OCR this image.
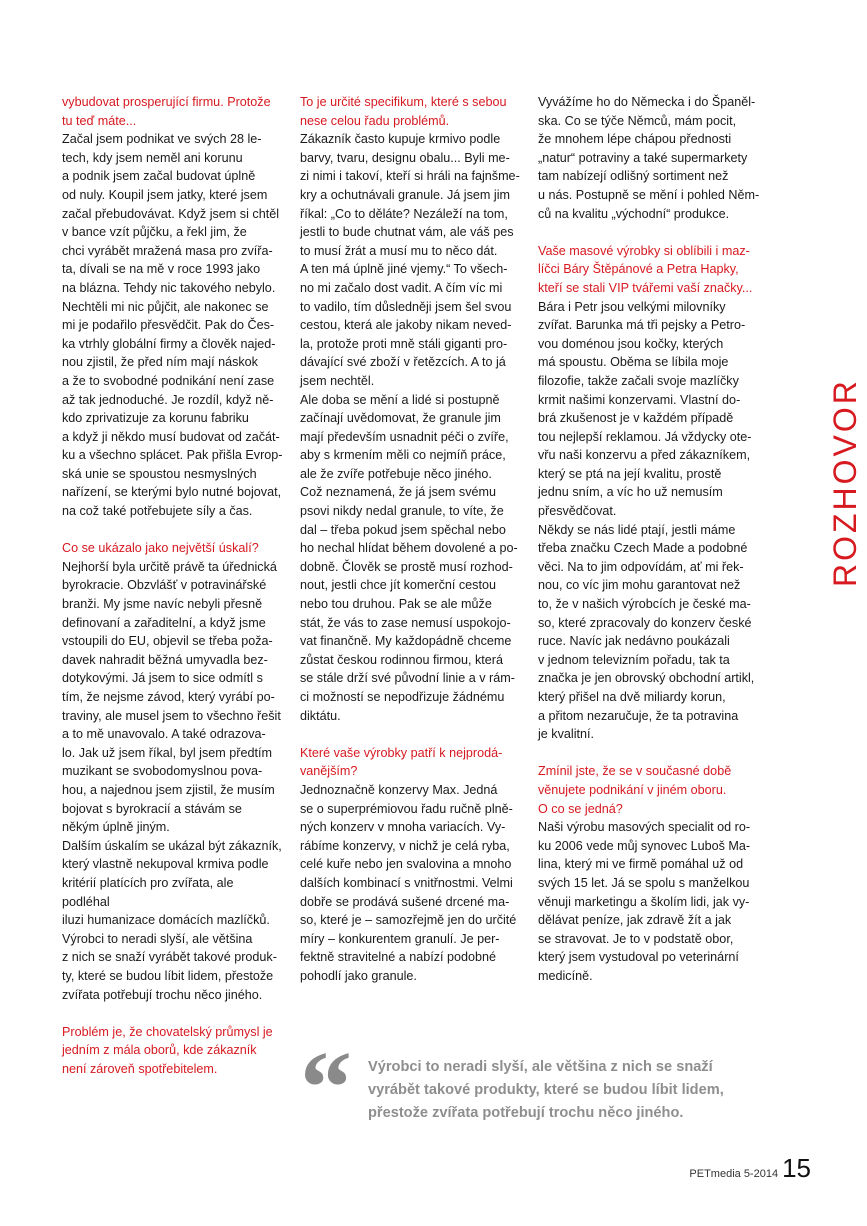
vybudovat prosperující firmu. Protože
tu teď máte...

Začal jsem podnikat ve svých 28 le-
tech, kdy jsem neměl ani korunu
a podnik jsem začal budovat úplně
od nuly. Koupil jsem jatky, které jsem
začal přebudovávat. Když jsem si chtěl
v bance vzít půjčku, a řekl jim, že
chci vyrábět mražená masa pro zvířa-
ta, dívali se na mě v roce 1993 jako
na blázna. Tehdy nic takového nebylo.
Nechtěli mi nic půjčit, ale nakonec se
mi je podařilo přesvědčit. Pak do Čes-
ka vtrhly globální firmy a člověk najed-
nou zjistil, že před ním mají náskok
a že to svobodné podnikání není zase
až tak jednoduché. Je rozdíl, když ně-
kdo zprivatizuje za korunu fabriku
a když ji někdo musí budovat od začát-
ku a všechno splácet. Pak přišla Evrop-
ská unie se spoustou nesmyslných
nařízení, se kterými bylo nutné bojovat,
na což také potřebujete síly a čas.

Co se ukázalo jako největší úskalí?

Nejhorší byla určitě právě ta úřednická
byrokracie. Obzvlášť v potravinářské
branži. My jsme navíc nebyli přesně
definovaní a zařaditelní, a když jsme
vstoupili do EU, objevil se třeba poža-
davek nahradit běžná umyvadla bez-
dotykovými. Já jsem to sice odmítl s
tím, že nejsme závod, který vyrábí po-
traviny, ale musel jsem to všechno řešit
a to mě unavovalo. A také odrazova-
lo. Jak už jsem říkal, byl jsem předtím
muzikant se svobodomyslnou pova-
hou, a najednou jsem zjistil, že musím
bojovat s byrokracií a stávám se
někým úplně jiným.
Dalším úskalím se ukázal být zákazník,
který vlastně nekupoval krmiva podle
kritérií platících pro zvířata, ale podléhal
iluzi humanizace domácích mazlíčků.
Výrobci to neradi slyší, ale většina
z nich se snaží vyrábět takové produk-
ty, které se budou líbit lidem, přestože
zvířata potřebují trochu něco jiného.

Problém je, že chovatelský průmysl je
jedním z mála oborů, kde zákazník
není zároveň spotřebitelem.

To je určité specifikum, které s sebou
nese celou řadu problémů.

Zákazník často kupuje krmivo podle
barvy, tvaru, designu obalu... Byli me-
zi nimi i takoví, kteří si hráli na fajnšme-
kry a ochutnávali granule. Já jsem jim
říkal: „Co to děláte? Nezáleží na tom,
jestli to bude chutnat vám, ale váš pes
to musí žrát a musí mu to něco dát.
A ten má úplně jiné vjemy.“ To všech-
no mi začalo dost vadit. A čím víc mi
to vadilo, tím důsledněji jsem šel svou
cestou, která ale jakoby nikam neved-
la, protože proti mně stáli giganti pro-
dávající své zboží v řetězcích. A to já
jsem nechtěl.
Ale doba se mění a lidé si postupně
začínají uvědomovat, že granule jim
mají především usnadnit péči o zvíře,
aby s krmením měli co nejmíň práce,
ale že zvíře potřebuje něco jiného.
Což neznamená, že já jsem svému
psovi nikdy nedal granule, to víte, že
dal – třeba pokud jsem spěchal nebo
ho nechal hlídat během dovolené a po-
dobně. Člověk se prostě musí rozhod-
nout, jestli chce jít komerční cestou
nebo tou druhou. Pak se ale může
stát, že vás to zase nemusí uspokojo-
vat finančně. My každopádně chceme
zůstat českou rodinnou firmou, která
se stále drží své původní linie a v rám-
ci možností se nepodřizuje žádnému
diktátu.

Které vaše výrobky patří k nejprodá-
vanějším?

Jednoznačně konzervy Max. Jedná
se o superprémiovou řadu ručně plně-
ných konzerv v mnoha variacích. Vy-
rábíme konzervy, v nichž je celá ryba,
celé kuře nebo jen svalovina a mnoho
dalších kombinací s vnitřnostmi. Velmi
dobře se prodává sušené drcené ma-
so, které je – samozřejmě jen do určité
míry – konkurentem granulí. Je per-
fektně stravitelné a nabízí podobné
pohodlí jako granule.

Vyvážíme ho do Německa i do Španěl-
ska. Co se týče Němců, mám pocit,
že mnohem lépe chápou přednosti
„natur“ potraviny a také supermarkety
tam nabízejí odlišný sortiment než
u nás. Postupně se mění i pohled Něm-
ců na kvalitu „východní“ produkce.

Vaše masové výrobky si oblíbili i maz-
líčci Báry Štěpánové a Petra Hapky,
kteří se stali VIP tvářemi vaší značky...

Bára i Petr jsou velkými milovníky
zvířat. Barunka má tři pejsky a Petro-
vou doménou jsou kočky, kterých
má spoustu. Oběma se líbila moje
filozofie, takže začali svoje mazlíčky
krmit našimi konzervami. Vlastní do-
brá zkušenost je v každém případě
tou nejlepší reklamou. Já vždycky ote-
vřu naši konzervu a před zákazníkem,
který se ptá na její kvalitu, prostě
jednu sním, a víc ho už nemusím
přesvědčovat.
Někdy se nás lidé ptají, jestli máme
třeba značku Czech Made a podobné
věci. Na to jim odpovídám, ať mi řek-
nou, co víc jim mohu garantovat než
to, že v našich výrobcích je české ma-
so, které zpracovaly do konzerv české
ruce. Navíc jak nedávno poukázali
v jednom televizním pořadu, tak ta
značka je jen obrovský obchodní artikl,
který přišel na dvě miliardy korun,
a přitom nezaručuje, že ta potravina
je kvalitní.

Zmínil jste, že se v současné době
věnujete podnikání v jiném oboru.
O co se jedná?

Naši výrobu masových specialit od ro-
ku 2006 vede můj synovec Luboš Ma-
lina, který mi ve firmě pomáhal už od
svých 15 let. Já se spolu s manželkou
věnuji marketingu a školím lidi, jak vy-
dělávat peníze, jak zdravě žít a jak
se stravovat. Je to v podstatě obor,
který jsem vystudoval po veterinární
medicíně.

ROZHOVOR
“ Výrobci to neradi slyší, ale většina z nich se snaží
vyrábět takové produkty, které se budou líbit lidem,
přestože zvířata potřebují trochu něco jiného.

PETmedia 5-2014 15
